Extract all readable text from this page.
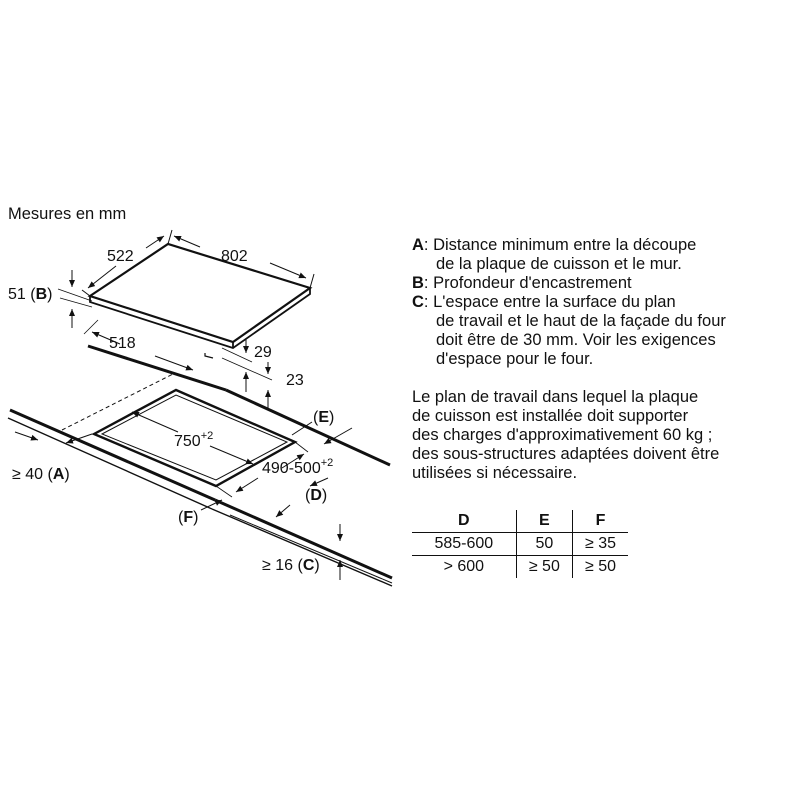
Mesures en mm
802
522
51 (B)
518
29
23
$750^{+2}$
$490-500^{+2}$
≥ 40 (A)
(E)
(D)
(F)
≥ 16 (C)
A: Distance minimum entre la découpe
de la plaque de cuisson et le mur.
B: Profondeur d'encastrement
C: L'espace entre la surface du plan
de travail et le haut de la façade du four
doit être de 30 mm. Voir les exigences
d'espace pour le four.
Le plan de travail dans lequel la plaque
de cuisson est installée doit supporter
des charges d'approximativement 60 kg ;
des sous-structures adaptées doivent être
utilisées si nécessaire.
D	E	F
585-600	50	≥ 35
> 600	≥ 50	≥ 50
